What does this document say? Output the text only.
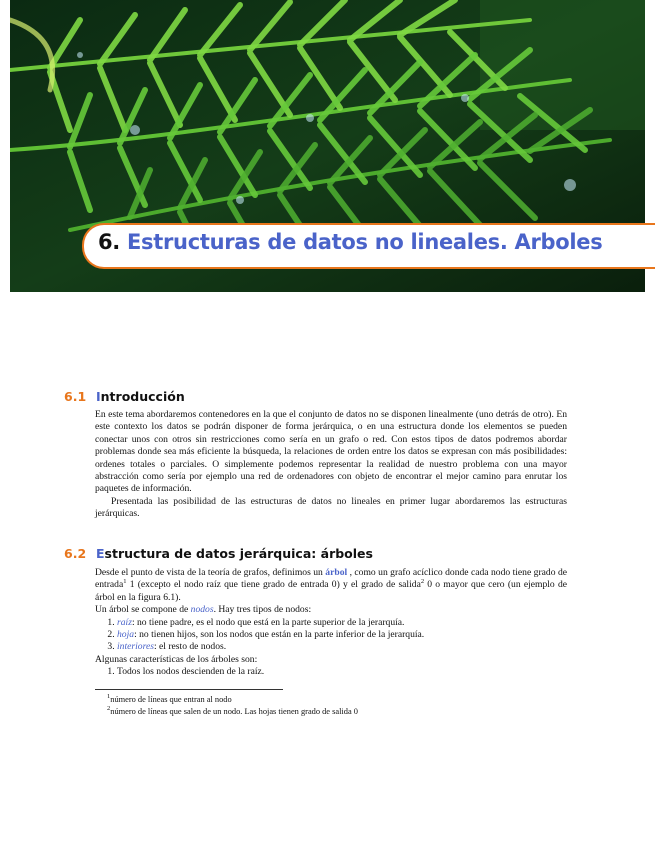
6. Estructuras de datos no lineales. Arboles
6.1 Introducción

En este tema abordaremos contenedores en la que el conjunto de datos no se disponen linealmente (uno detrás de otro). En este contexto los datos se podrán disponer de forma jerárquica, o en una estructura donde los elementos se pueden conectar unos con otros sin restricciones como sería en un grafo o red. Con estos tipos de datos podremos abordar problemas donde sea más eficiente la búsqueda, la relaciones de orden entre los datos se expresan con más posibilidades: ordenes totales o parciales. O simplemente podemos representar la realidad de nuestro problema con una mayor abstracción como sería por ejemplo una red de ordenadores con objeto de encontrar el mejor camino para enrutar los paquetes de información.

Presentada las posibilidad de las estructuras de datos no lineales en primer lugar abordaremos las estructuras jerárquicas.

6.2 Estructura de datos jerárquica: árboles

Desde el punto de vista de la teoría de grafos, definimos un árbol , como un grafo acíclico donde cada nodo tiene grado de entrada$^1$ 1 (excepto el nodo raíz que tiene grado de entrada 0) y el grado de salida$^2$ 0 o mayor que cero (un ejemplo de árbol en la figura 6.1).

Un árbol se compone de nodos. Hay tres tipos de nodos:

1. raíz: no tiene padre, es el nodo que está en la parte superior de la jerarquía.
2. hoja: no tienen hijos, son los nodos que están en la parte inferior de la jerarquía.
3. interiores: el resto de nodos.

Algunas características de los árboles son:

1. Todos los nodos descienden de la raíz.
$^1$número de líneas que entran al nodo
$^2$número de líneas que salen de un nodo. Las hojas tienen grado de salida 0
